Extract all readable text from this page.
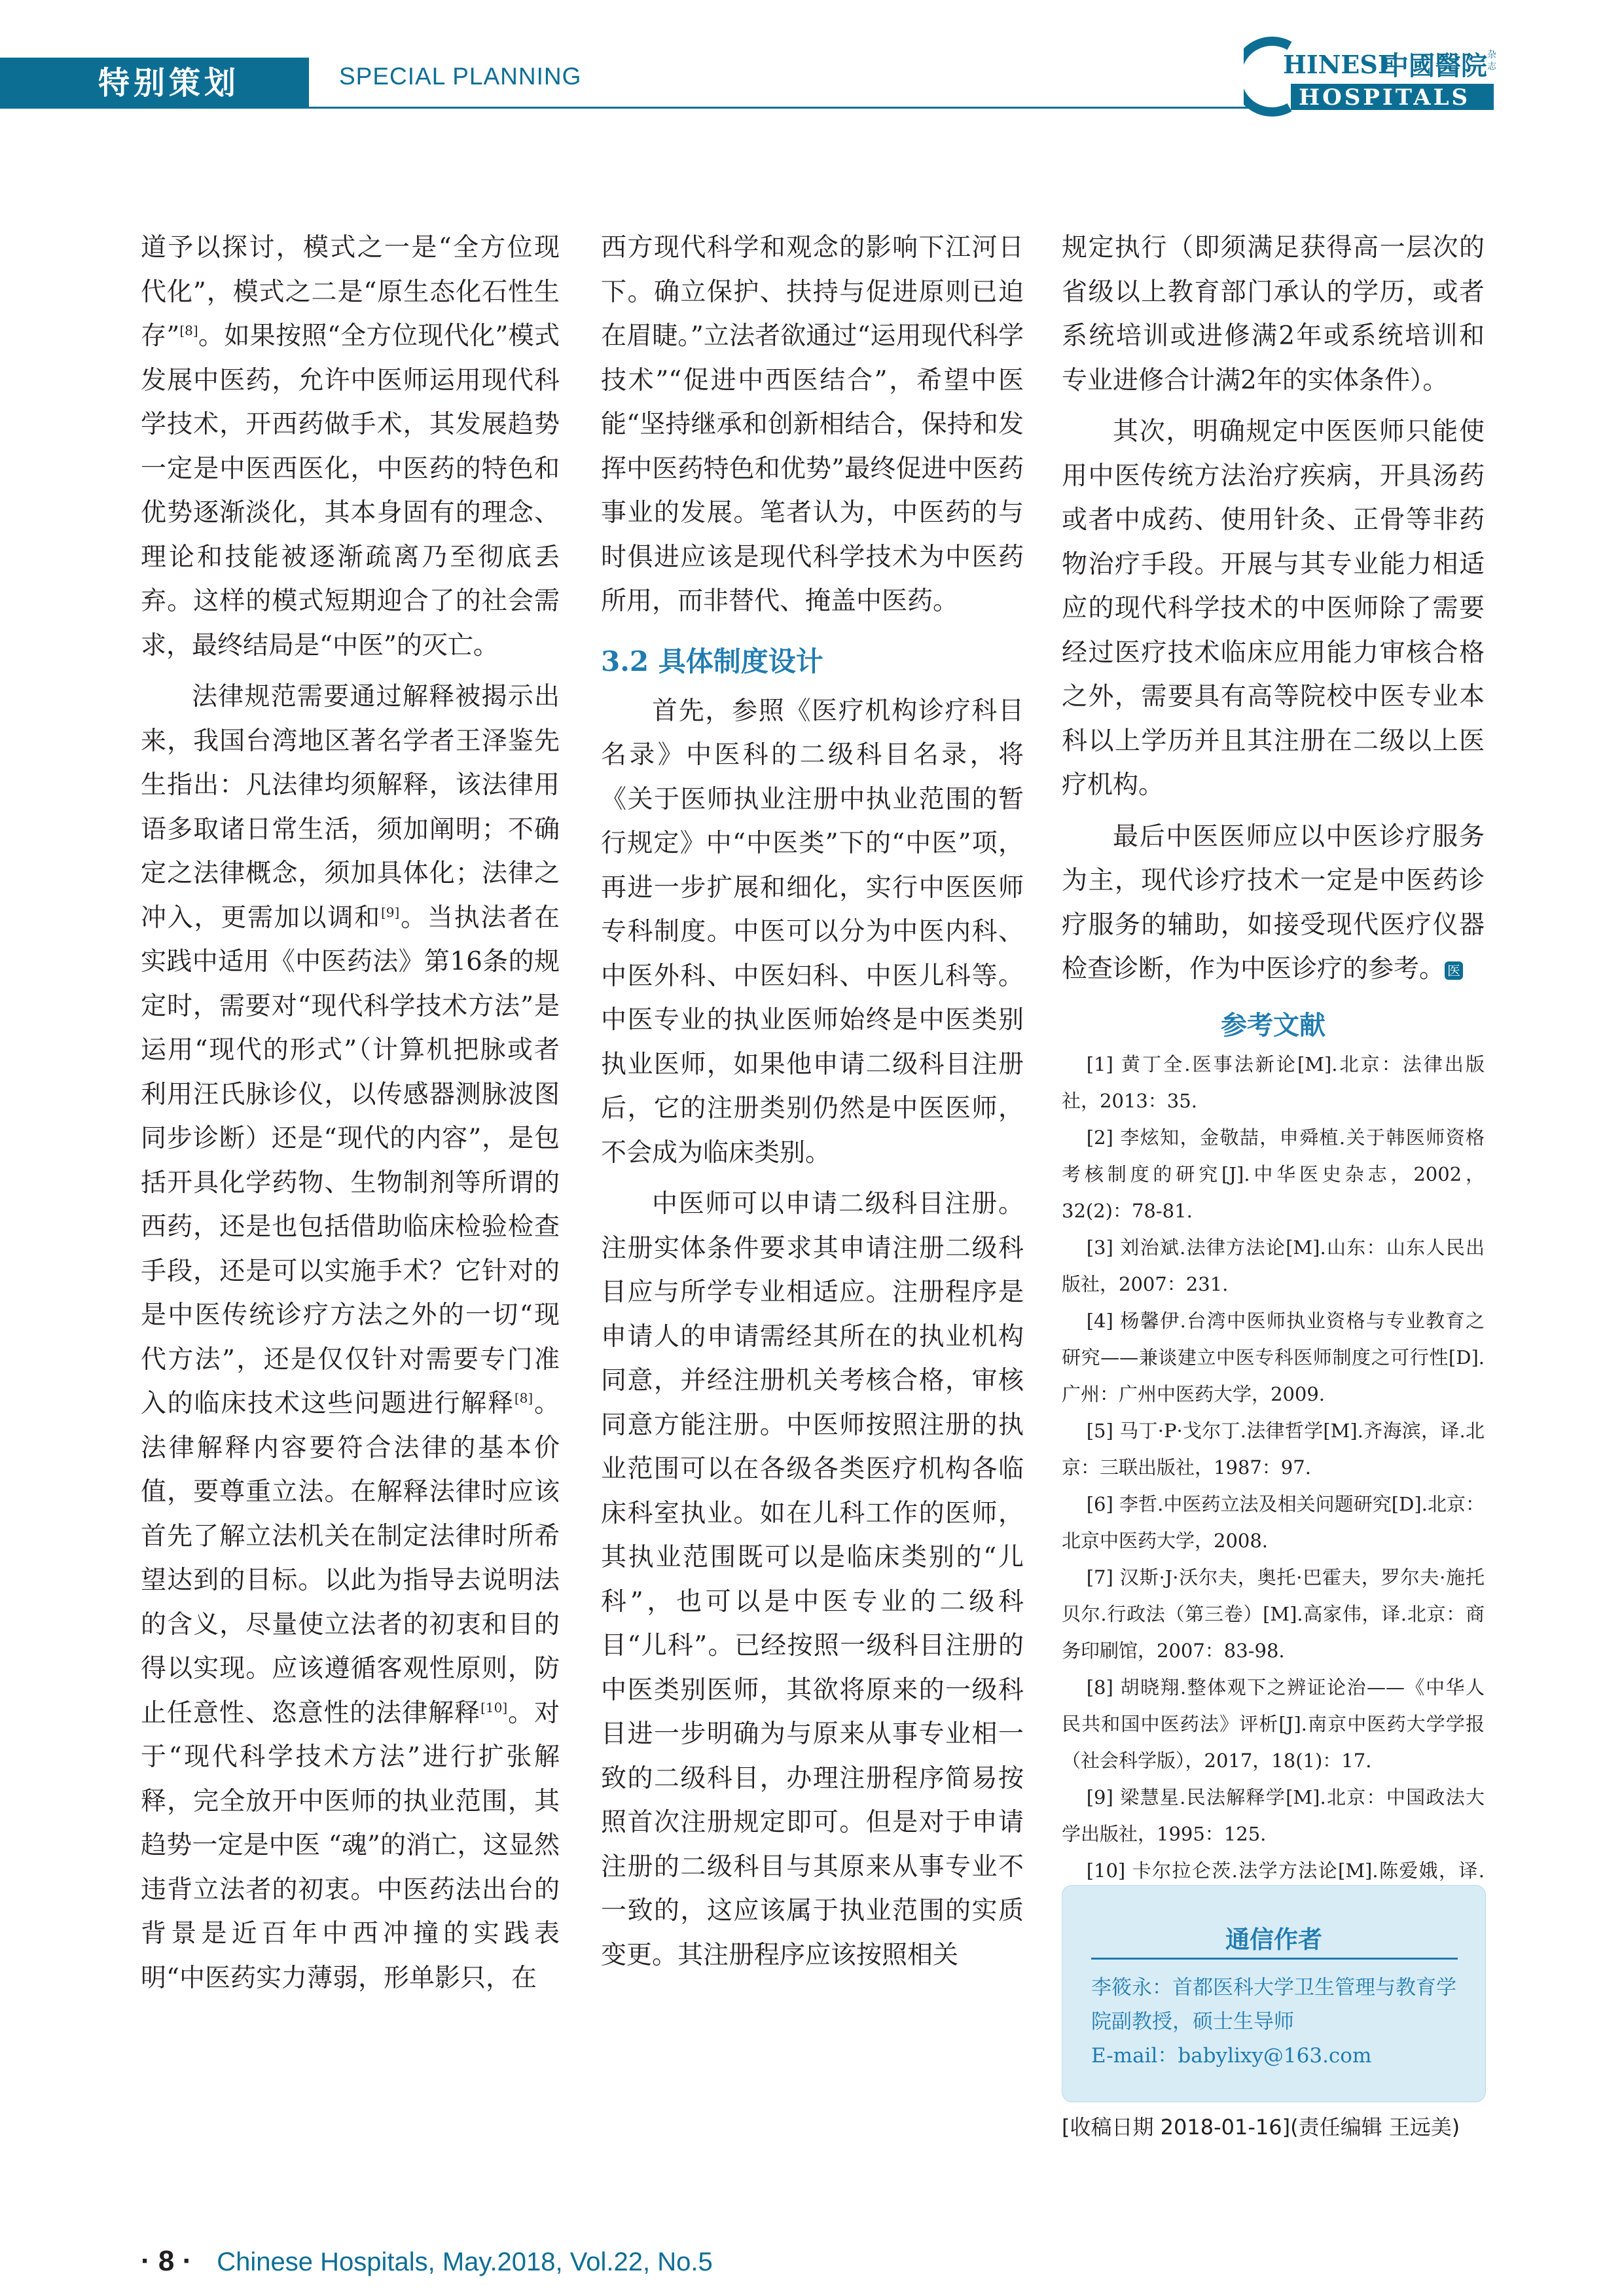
特别策划	SPECIAL PLANNING	HINESE
中國醫院
HOSPITALS
杂
志

道予以探讨，模式之一是“全方位现代化”，模式之二是“原生态化石性生存”[8]。如果按照“全方位现代化”模式发展中医药，允许中医师运用现代科学技术，开西药做手术，其发展趋势一定是中医西医化，中医药的特色和优势逐渐淡化，其本身固有的理念、理论和技能被逐渐疏离乃至彻底丢弃。这样的模式短期迎合了的社会需求，最终结局是“中医”的灭亡。

法律规范需要通过解释被揭示出来，我国台湾地区著名学者王泽鉴先生指出：凡法律均须解释，该法律用语多取诸日常生活，须加阐明；不确定之法律概念，须加具体化；法律之冲入，更需加以调和[9]。当执法者在实践中适用《中医药法》第16条的规定时，需要对“现代科学技术方法”是运用“现代的形式”（计算机把脉或者利用汪氏脉诊仪，以传感器测脉波图同步诊断）还是“现代的内容”，是包括开具化学药物、生物制剂等所谓的西药，还是也包括借助临床检验检查手段，还是可以实施手术？它针对的是中医传统诊疗方法之外的一切“现代方法”，还是仅仅针对需要专门准入的临床技术这些问题进行解释[8]。法律解释内容要符合法律的基本价值，要尊重立法。在解释法律时应该首先了解立法机关在制定法律时所希望达到的目标。以此为指导去说明法的含义，尽量使立法者的初衷和目的得以实现。应该遵循客观性原则，防止任意性、恣意性的法律解释[10]。对于“现代科学技术方法”进行扩张解释，完全放开中医师的执业范围，其趋势一定是中医 “魂”的消亡，这显然违背立法者的初衷。中医药法出台的背景是近百年中西冲撞的实践表明“中医药实力薄弱，形单影只，在

西方现代科学和观念的影响下江河日下。确立保护、扶持与促进原则已迫在眉睫。”立法者欲通过“运用现代科学技术”“促进中西医结合”，希望中医能“坚持继承和创新相结合，保持和发挥中医药特色和优势”最终促进中医药事业的发展。笔者认为，中医药的与时俱进应该是现代科学技术为中医药所用，而非替代、掩盖中医药。

3.2 具体制度设计

首先，参照《医疗机构诊疗科目名录》中医科的二级科目名录，将《关于医师执业注册中执业范围的暂行规定》中“中医类”下的“中医”项，再进一步扩展和细化，实行中医医师专科制度。中医可以分为中医内科、中医外科、中医妇科、中医儿科等。中医专业的执业医师始终是中医类别执业医师，如果他申请二级科目注册后，它的注册类别仍然是中医医师，不会成为临床类别。

中医师可以申请二级科目注册。注册实体条件要求其申请注册二级科目应与所学专业相适应。注册程序是申请人的申请需经其所在的执业机构同意，并经注册机关考核合格，审核同意方能注册。中医师按照注册的执业范围可以在各级各类医疗机构各临床科室执业。如在儿科工作的医师，其执业范围既可以是临床类别的“儿科”，也可以是中医专业的二级科目“儿科”。已经按照一级科目注册的中医类别医师，其欲将原来的一级科目进一步明确为与原来从事专业相一致的二级科目，办理注册程序简易按照首次注册规定即可。但是对于申请注册的二级科目与其原来从事专业不一致的，这应该属于执业范围的实质变更。其注册程序应该按照相关

规定执行（即须满足获得高一层次的省级以上教育部门承认的学历，或者系统培训或进修满2年或系统培训和专业进修合计满2年的实体条件）。

其次，明确规定中医医师只能使用中医传统方法治疗疾病，开具汤药或者中成药、使用针灸、正骨等非药物治疗手段。开展与其专业能力相适应的现代科学技术的中医师除了需要经过医疗技术临床应用能力审核合格之外，需要具有高等院校中医专业本科以上学历并且其注册在二级以上医疗机构。

最后中医医师应以中医诊疗服务为主，现代诊疗技术一定是中医药诊疗服务的辅助，如接受现代医疗仪器检查诊断，作为中医诊疗的参考。 医

参考文献

[1] 黄丁全.医事法新论[M].北京：法律出版社，2013：35.

[2] 李炫知，金敬喆，申舜植.关于韩医师资格考核制度的研究[J].中华医史杂志，2002，32(2)：78-81.

[3] 刘治斌.法律方法论[M].山东：山东人民出版社，2007：231.

[4] 杨馨伊.台湾中医师执业资格与专业教育之研究——兼谈建立中医专科医师制度之可行性[D].广州：广州中医药大学，2009.

[5] 马丁·P·戈尔丁.法律哲学[M].齐海滨，译.北京：三联出版社，1987：97.

[6] 李哲.中医药立法及相关问题研究[D].北京：北京中医药大学，2008.

[7] 汉斯·J·沃尔夫，奥托·巴霍夫，罗尔夫·施托贝尔.行政法（第三卷）[M].高家伟，译.北京：商务印刷馆，2007：83-98.

[8] 胡晓翔.整体观下之辨证论治——《中华人民共和国中医药法》评析[J].南京中医药大学学报（社会科学版），2017，18(1)：17.

[9] 梁慧星.民法解释学[M].北京：中国政法大学出版社，1995：125.

[10] 卡尔拉仑茨.法学方法论[M].陈爱娥，译.

通信作者

李筱永：首都医科大学卫生管理与教育学院副教授，硕士生导师

E-mail：babylixy@163.com

[收稿日期 2018-01-16](责任编辑 王远美)
· 8 · Chinese Hospitals, May.2018, Vol.22, No.5
